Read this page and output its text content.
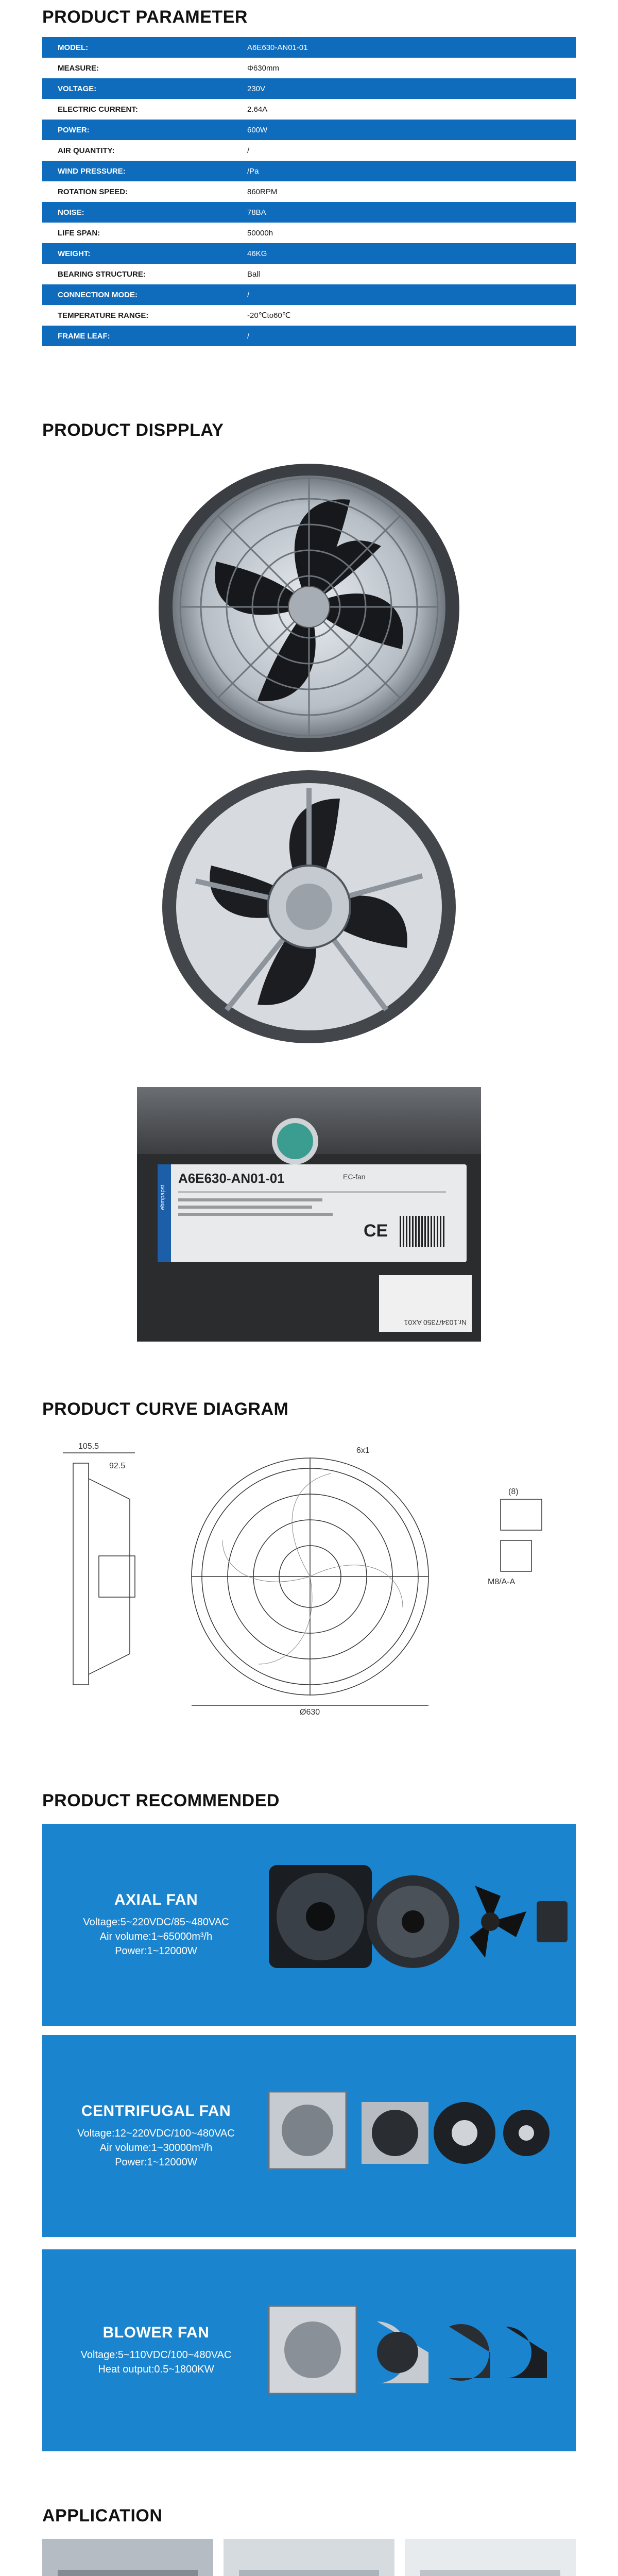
PRODUCT PARAMETER
MODEL:	A6E630-AN01-01
MEASURE:	Φ630mm
VOLTAGE:	230V
ELECTRIC CURRENT:	2.64A
POWER:	600W
AIR QUANTITY:	/
WIND PRESSURE:	/Pa
ROTATION SPEED:	860RPM
NOISE:	78BA
LIFE SPAN:	50000h
WEIGHT:	46KG
BEARING STRUCTURE:	Ball
CONNECTION MODE:	/
TEMPERATURE RANGE:	-20℃to60℃
FRAME LEAF:	/
PRODUCT DISPPLAY
ebmpapst
A6E630-AN01-01	EC-fan
CE
Nr.1034/7350 AX01
PRODUCT CURVE DIAGRAM
105.5
92.5
6x1
Ø630
(8)
M8/A-A
PRODUCT RECOMMENDED
AXIAL FAN
Voltage:5~220VDC/85~480VAC
Air volume:1~65000m³/h
Power:1~12000W
CENTRIFUGAL FAN
Voltage:12~220VDC/100~480VAC
Air volume:1~30000m³/h
Power:1~12000W
BLOWER FAN
Voltage:5~110VDC/100~480VAC
Heat output:0.5~1800KW
APPLICATION
